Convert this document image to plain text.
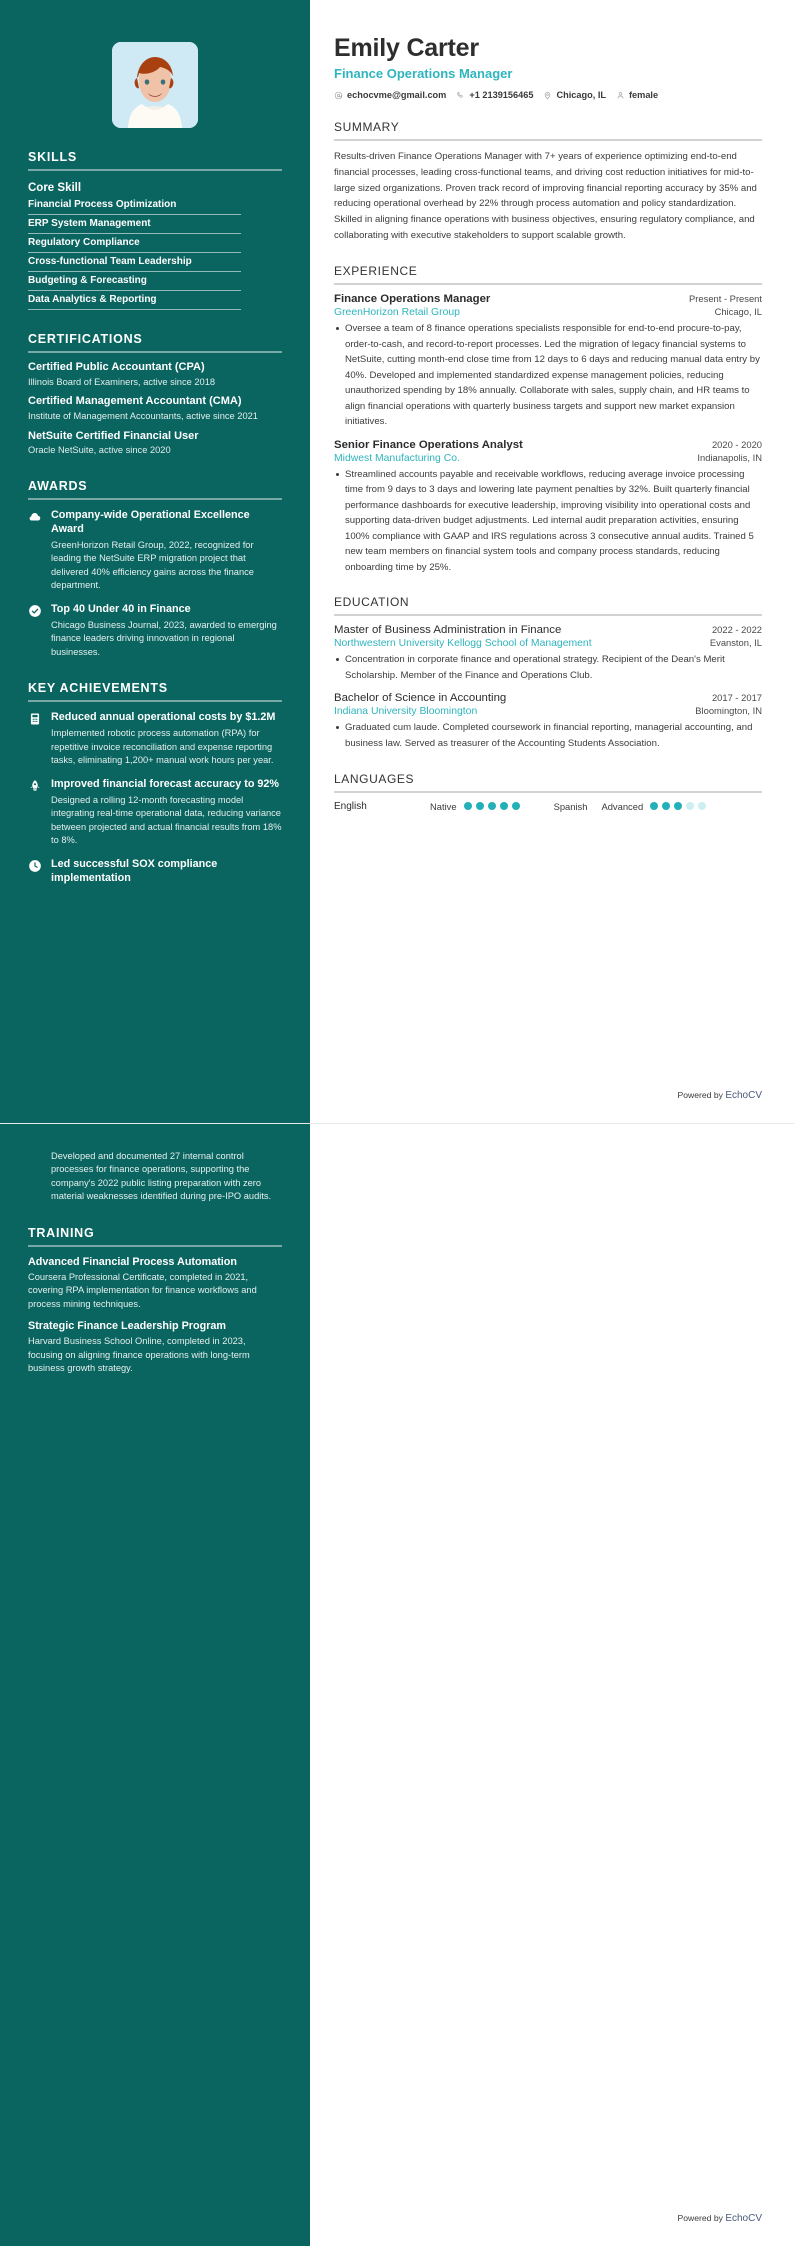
SKILLS
Core Skill
Financial Process Optimization
ERP System Management
Regulatory Compliance
Cross-functional Team Leadership
Budgeting & Forecasting
Data Analytics & Reporting
CERTIFICATIONS
Certified Public Accountant (CPA)
Illinois Board of Examiners, active since 2018
Certified Management Accountant (CMA)
Institute of Management Accountants, active since 2021
NetSuite Certified Financial User
Oracle NetSuite, active since 2020
AWARDS
Company-wide Operational Excellence Award
GreenHorizon Retail Group, 2022, recognized for leading the NetSuite ERP migration project that delivered 40% efficiency gains across the finance department.
Top 40 Under 40 in Finance
Chicago Business Journal, 2023, awarded to emerging finance leaders driving innovation in regional businesses.
KEY ACHIEVEMENTS
Reduced annual operational costs by $1.2M
Implemented robotic process automation (RPA) for repetitive invoice reconciliation and expense reporting tasks, eliminating 1,200+ manual work hours per year.
Improved financial forecast accuracy to 92%
Designed a rolling 12-month forecasting model integrating real-time operational data, reducing variance between projected and actual financial results from 18% to 8%.
Led successful SOX compliance implementation
Emily Carter
Finance Operations Manager
echocvme@gmail.com	+1 2139156465	Chicago, IL	female
SUMMARY

Results-driven Finance Operations Manager with 7+ years of experience optimizing end-to-end financial processes, leading cross-functional teams, and driving cost reduction initiatives for mid-to-large sized organizations. Proven track record of improving financial reporting accuracy by 35% and reducing operational overhead by 22% through process automation and policy standardization. Skilled in aligning finance operations with business objectives, ensuring regulatory compliance, and collaborating with executive stakeholders to support scalable growth.

EXPERIENCE
Finance Operations Manager	Present - Present
GreenHorizon Retail Group	Chicago, IL
Oversee a team of 8 finance operations specialists responsible for end-to-end procure-to-pay, order-to-cash, and record-to-report processes. Led the migration of legacy financial systems to NetSuite, cutting month-end close time from 12 days to 6 days and reducing manual data entry by 40%. Developed and implemented standardized expense management policies, reducing unauthorized spending by 18% annually. Collaborate with sales, supply chain, and HR teams to align financial operations with quarterly business targets and support new market expansion initiatives.
Senior Finance Operations Analyst	2020 - 2020
Midwest Manufacturing Co.	Indianapolis, IN
Streamlined accounts payable and receivable workflows, reducing average invoice processing time from 9 days to 3 days and lowering late payment penalties by 32%. Built quarterly financial performance dashboards for executive leadership, improving visibility into operational costs and supporting data-driven budget adjustments. Led internal audit preparation activities, ensuring 100% compliance with GAAP and IRS regulations across 3 consecutive annual audits. Trained 5 new team members on financial system tools and company process standards, reducing onboarding time by 25%.
EDUCATION
Master of Business Administration in Finance	2022 - 2022
Northwestern University Kellogg School of Management	Evanston, IL
Concentration in corporate finance and operational strategy. Recipient of the Dean's Merit Scholarship. Member of the Finance and Operations Club.
Bachelor of Science in Accounting	2017 - 2017
Indiana University Bloomington	Bloomington, IN
Graduated cum laude. Completed coursework in financial reporting, managerial accounting, and business law. Served as treasurer of the Accounting Students Association.
LANGUAGES
English	Native	Spanish Advanced
Powered by EchoCV
Developed and documented 27 internal control processes for finance operations, supporting the company's 2022 public listing preparation with zero material weaknesses identified during pre-IPO audits.
TRAINING
Advanced Financial Process Automation
Coursera Professional Certificate, completed in 2021, covering RPA implementation for finance workflows and process mining techniques.
Strategic Finance Leadership Program
Harvard Business School Online, completed in 2023, focusing on aligning finance operations with long-term business growth strategy.
Powered by EchoCV
